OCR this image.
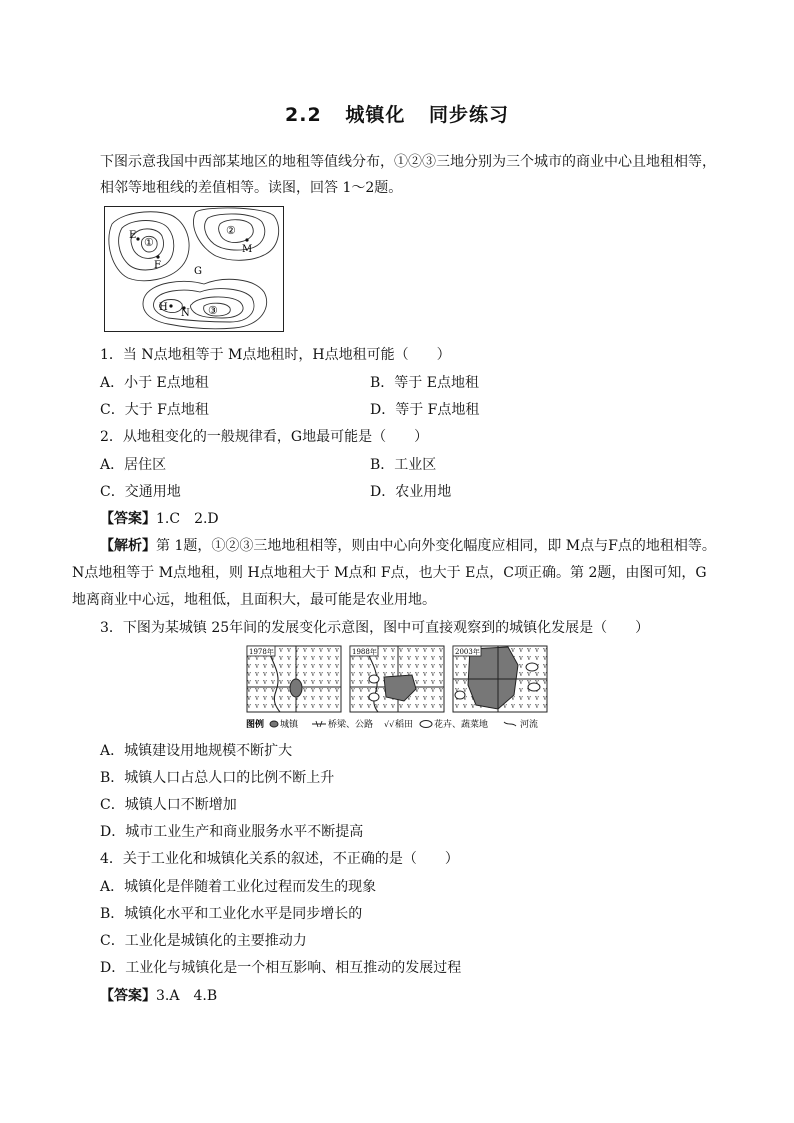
2.2 城镇化 同步练习
下图示意我国中西部某地区的地租等值线分布，①②③三地分别为三个城市的商业中心且地租相等，
相邻等地租线的差值相等。读图，回答 1～2题。
E
①
F
②
M
G
H
N ③
1．当 N点地租等于 M点地租时，H点地租可能（　　）
A．小于 E点地租	B．等于 E点地租
C．大于 F点地租	D．等于 F点地租
2．从地租变化的一般规律看，G地最可能是（　　）
A．居住区	B．工业区
C．交通用地	D．农业用地
【答案】1.C　2.D
【解析】第 1题，①②③三地地租相等，则由中心向外变化幅度应相同，即 M点与F点的地租相等。
N点地租等于 M点地租，则 H点地租大于 M点和 F点，也大于 E点，C项正确。第 2题，由图可知，G
地离商业中心远，地租低，且面积大，最可能是农业用地。
3．下图为某城镇 25年间的发展变化示意图，图中可直接观察到的城镇化发展是（　　）
1978年	1988年	2003年
图例 城镇	桥梁、公路 √√ 稻田 花卉、蔬菜地	河流
A．城镇建设用地规模不断扩大
B．城镇人口占总人口的比例不断上升
C．城镇人口不断增加
D．城市工业生产和商业服务水平不断提高
4．关于工业化和城镇化关系的叙述，不正确的是（　　）
A．城镇化是伴随着工业化过程而发生的现象
B．城镇化水平和工业化水平是同步增长的
C．工业化是城镇化的主要推动力
D．工业化与城镇化是一个相互影响、相互推动的发展过程
【答案】3.A　4.B
